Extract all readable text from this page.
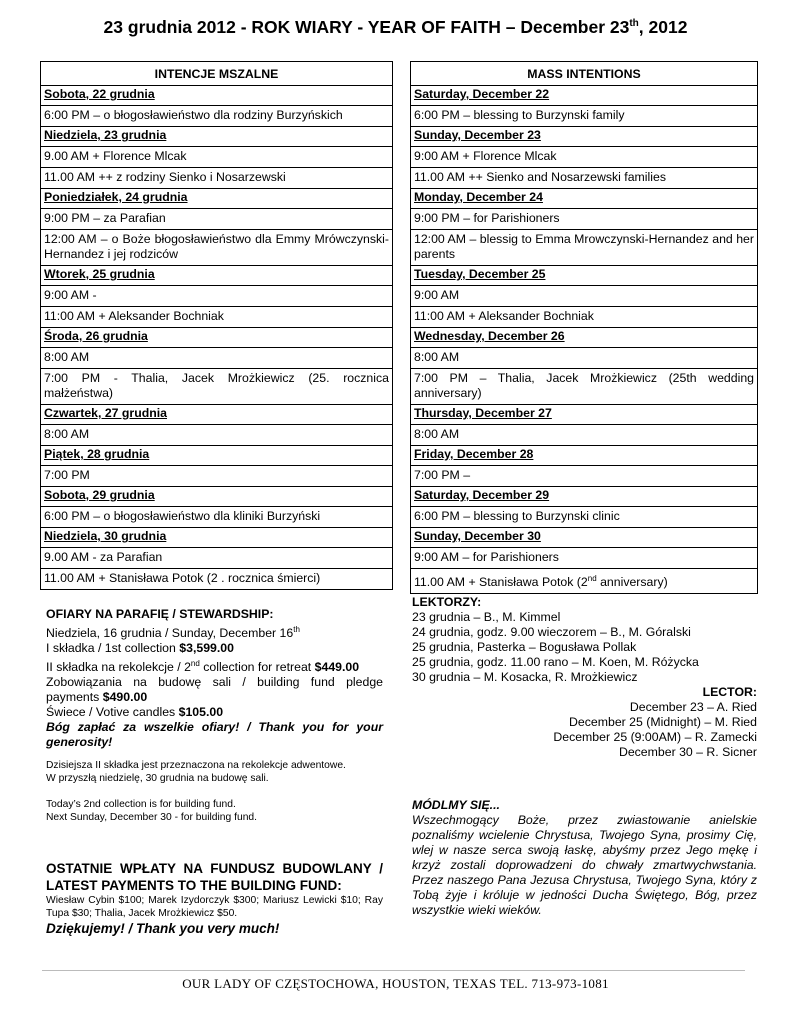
23 grudnia 2012 - ROK WIARY - YEAR OF FAITH – December 23th, 2012
INTENCJE MSZALNE
Sobota, 22 grudnia
6:00 PM – o błogosławieństwo dla rodziny Burzyńskich
Niedziela, 23 grudnia
9.00 AM + Florence Mlcak
11.00 AM ++ z rodziny Sienko i Nosarzewski
Poniedziałek, 24 grudnia
9:00 PM – za Parafian
12:00 AM – o Boże błogosławieństwo dla Emmy Mrówczynski-Hernandez i jej rodziców
Wtorek, 25 grudnia
9:00 AM -
11:00 AM + Aleksander Bochniak
Środa, 26 grudnia
8:00 AM
7:00 PM - Thalia, Jacek Mrożkiewicz (25. rocznica małżeństwa)
Czwartek, 27 grudnia
8:00 AM
Piątek, 28 grudnia
7:00 PM
Sobota, 29 grudnia
6:00 PM – o błogosławieństwo dla kliniki Burzyński
Niedziela, 30 grudnia
9.00 AM - za Parafian
11.00 AM + Stanisława Potok (2 . rocznica śmierci)
MASS INTENTIONS
Saturday, December 22
6:00 PM – blessing to Burzynski family
Sunday, December 23
9:00 AM + Florence Mlcak
11.00 AM ++ Sienko and Nosarzewski families
Monday, December 24
9:00 PM – for Parishioners
12:00 AM – blessig to Emma Mrowczynski-Hernandez and her parents
Tuesday, December 25
9:00 AM
11:00 AM + Aleksander Bochniak
Wednesday, December 26
8:00 AM
7:00 PM – Thalia, Jacek Mrożkiewicz (25th wedding anniversary)
Thursday, December 27
8:00 AM
Friday, December 28
7:00 PM –
Saturday, December 29
6:00 PM – blessing to Burzynski clinic
Sunday, December 30
9:00 AM – for Parishioners
11.00 AM + Stanisława Potok (2nd anniversary)
OFIARY NA PARAFIĘ / STEWARDSHIP:
Niedziela, 16 grudnia / Sunday, December 16th
I składka / 1st collection $3,599.00
II składka na rekolekcje / 2nd collection for retreat $449.00
Zobowiązania na budowę sali / building fund pledge payments $490.00
Świece / Votive candles $105.00
Bóg zapłać za wszelkie ofiary! / Thank you for your generosity!
Dzisiejsza II składka jest przeznaczona na rekolekcje adwentowe.
W przyszłą niedzielę, 30 grudnia na budowę sali.
Today’s 2nd collection is for building fund.
Next Sunday, December 30 - for building fund.
OSTATNIE WPŁATY NA FUNDUSZ BUDOWLANY / LATEST PAYMENTS TO THE BUILDING FUND:
Wiesław Cybin $100; Marek Izydorczyk $300; Mariusz Lewicki $10; Ray Tupa $30; Thalia, Jacek Mrożkiewicz $50.
Dziękujemy! / Thank you very much!
LEKTORZY:
23 grudnia – B., M. Kimmel
24 grudnia, godz. 9.00 wieczorem – B., M. Góralski
25 grudnia, Pasterka – Bogusława Pollak
25 grudnia, godz. 11.00 rano – M. Koen, M. Różycka
30 grudnia – M. Kosacka, R. Mrożkiewicz
LECTOR:
December 23 – A. Ried
December 25 (Midnight) – M. Ried
December 25 (9:00AM) – R. Zamecki
December 30 – R. Sicner
MÓDLMY SIĘ...
Wszechmogący Boże, przez zwiastowanie anielskie poznaliśmy wcielenie Chrystusa, Twojego Syna, prosimy Cię, wlej w nasze serca swoją łaskę, abyśmy przez Jego mękę i krzyż zostali doprowadzeni do chwały zmartwychwstania. Przez naszego Pana Jezusa Chrystusa, Twojego Syna, który z Tobą żyje i króluje w jedności Ducha Świętego, Bóg, przez wszystkie wieki wieków.
OUR LADY OF CZĘSTOCHOWA, HOUSTON, TEXAS TEL. 713-973-1081
